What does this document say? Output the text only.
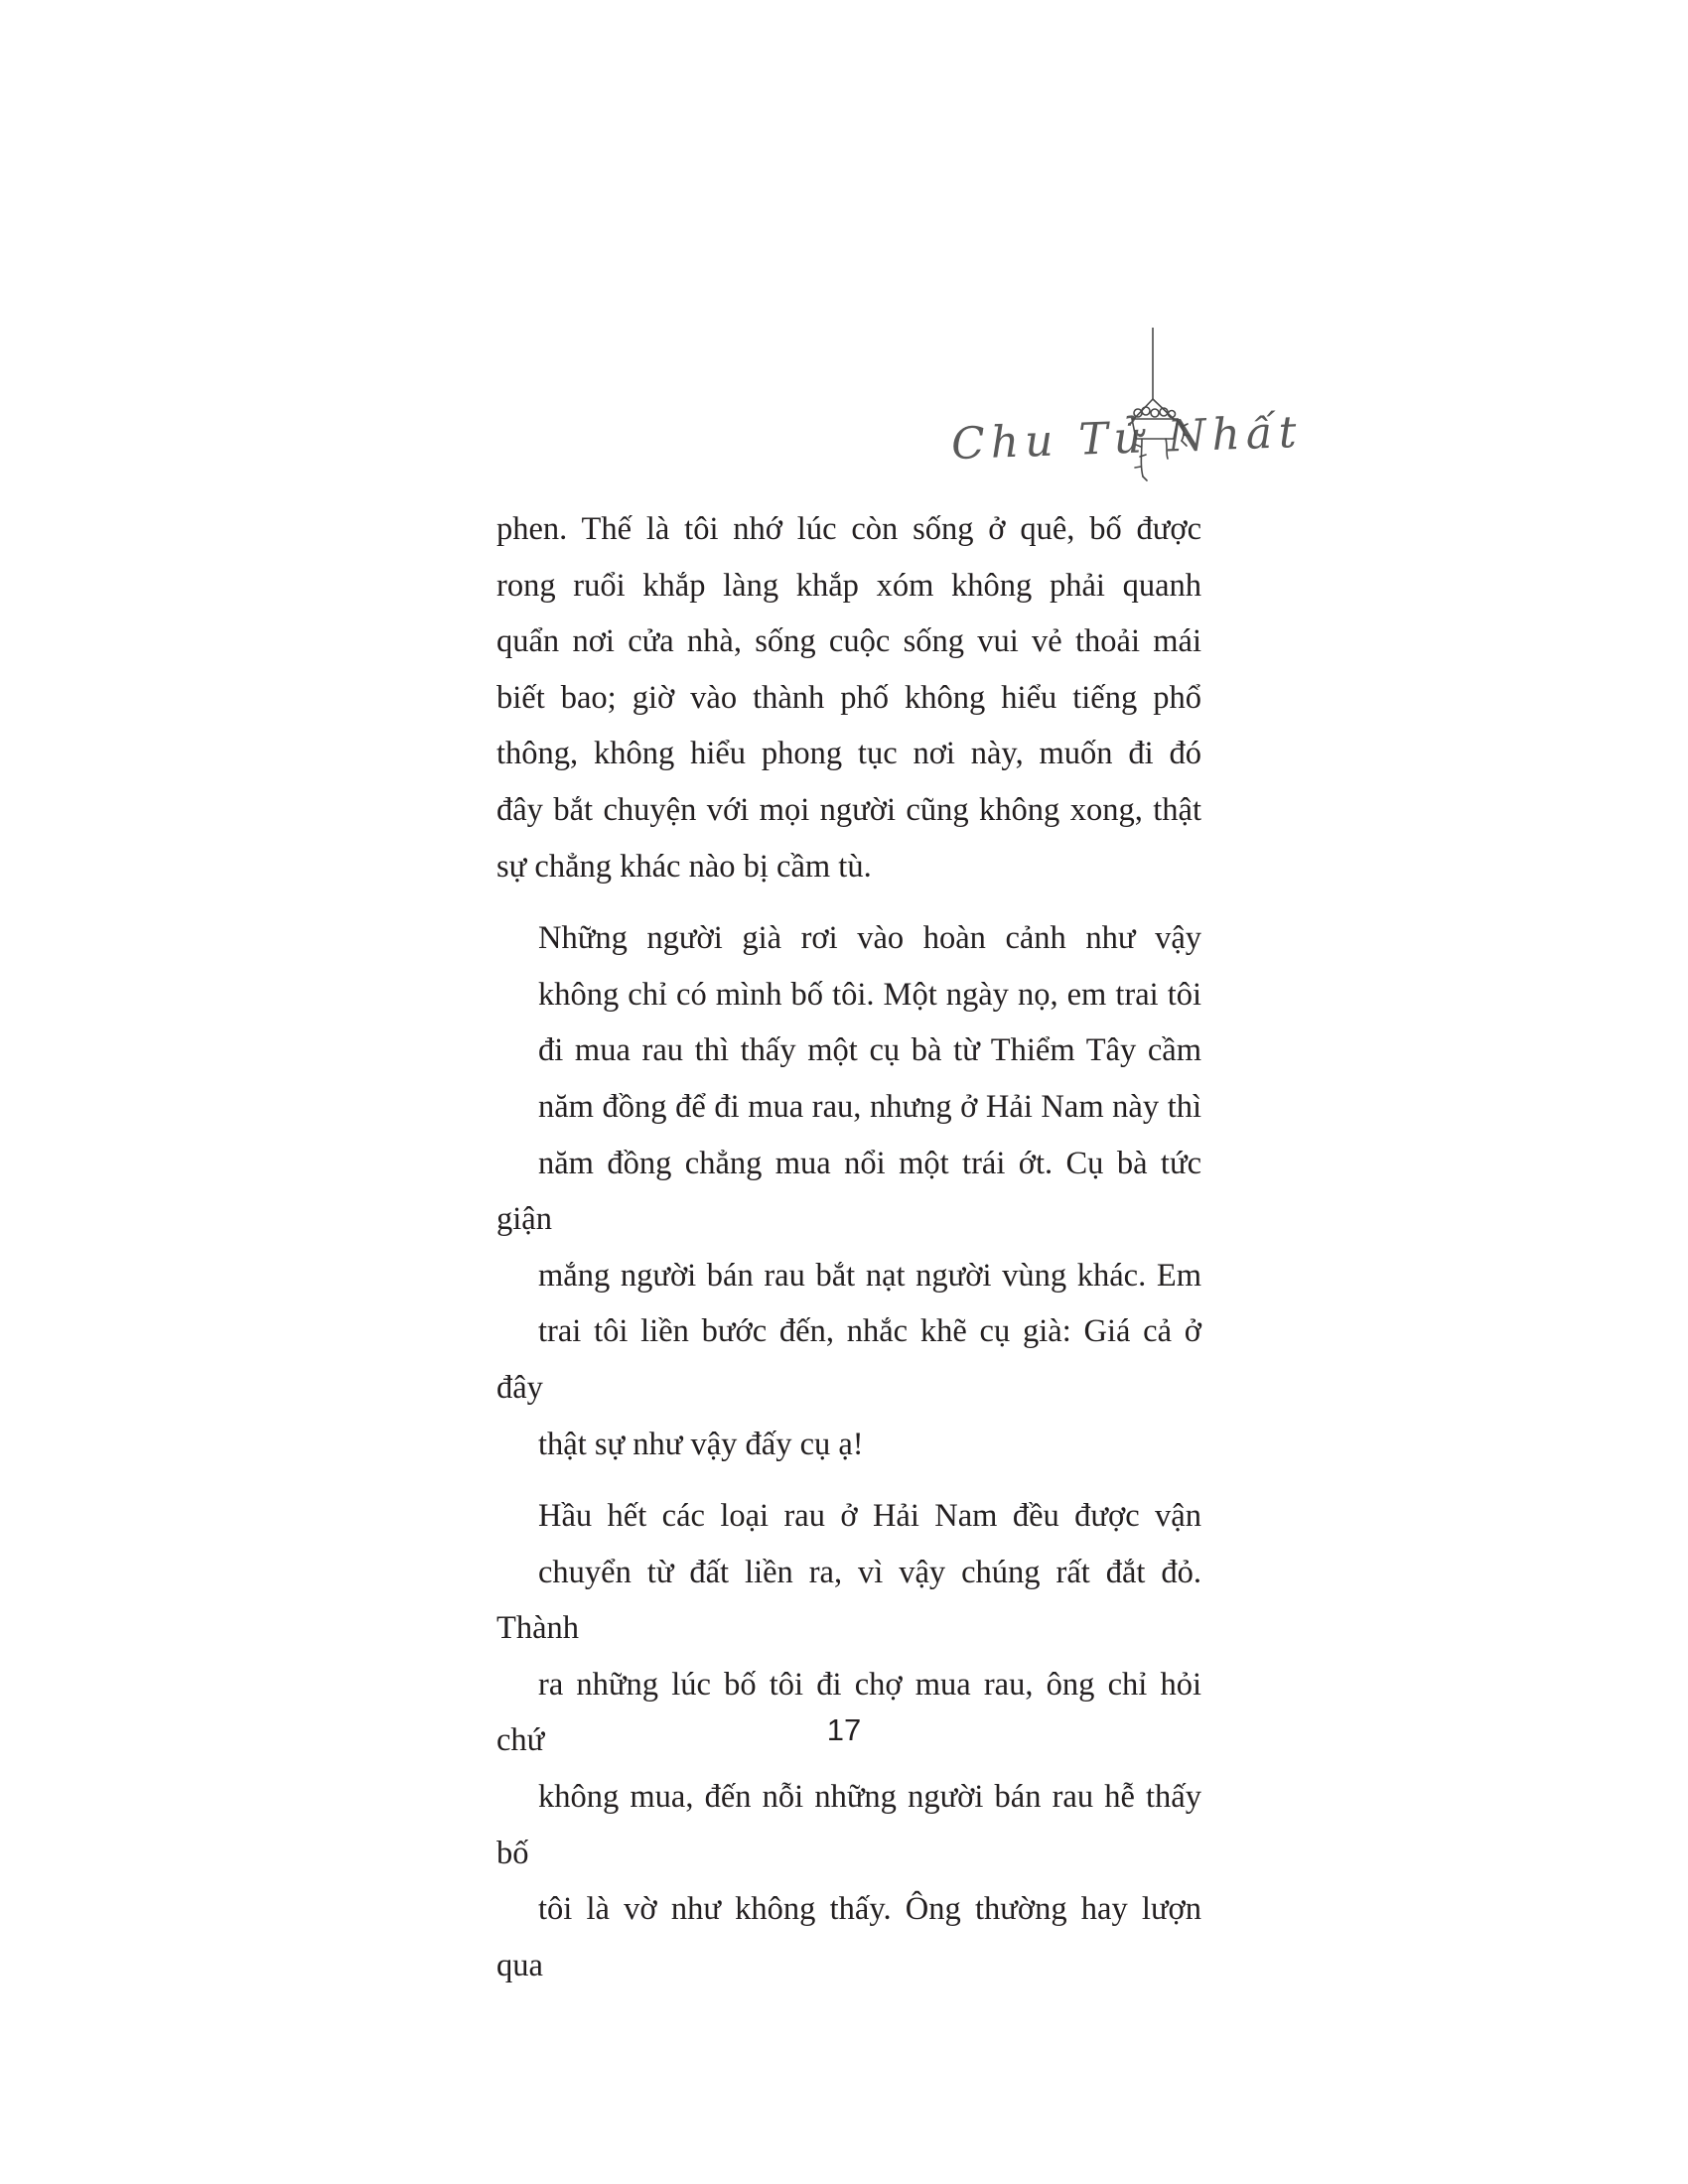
Chu Tử Nhất

phen. Thế là tôi nhớ lúc còn sống ở quê, bố được
rong ruổi khắp làng khắp xóm không phải quanh
quẩn nơi cửa nhà, sống cuộc sống vui vẻ thoải mái
biết bao; giờ vào thành phố không hiểu tiếng phổ
thông, không hiểu phong tục nơi này, muốn đi đó
đây bắt chuyện với mọi người cũng không xong, thật
sự chẳng khác nào bị cầm tù.

Những người già rơi vào hoàn cảnh như vậy
không chỉ có mình bố tôi. Một ngày nọ, em trai tôi
đi mua rau thì thấy một cụ bà từ Thiểm Tây cầm
năm đồng để đi mua rau, nhưng ở Hải Nam này thì
năm đồng chẳng mua nổi một trái ớt. Cụ bà tức giận
mắng người bán rau bắt nạt người vùng khác. Em
trai tôi liền bước đến, nhắc khẽ cụ già: Giá cả ở đây
thật sự như vậy đấy cụ ạ!

Hầu hết các loại rau ở Hải Nam đều được vận
chuyển từ đất liền ra, vì vậy chúng rất đắt đỏ. Thành
ra những lúc bố tôi đi chợ mua rau, ông chỉ hỏi chứ
không mua, đến nỗi những người bán rau hễ thấy bố
tôi là vờ như không thấy. Ông thường hay lượn qua

17
